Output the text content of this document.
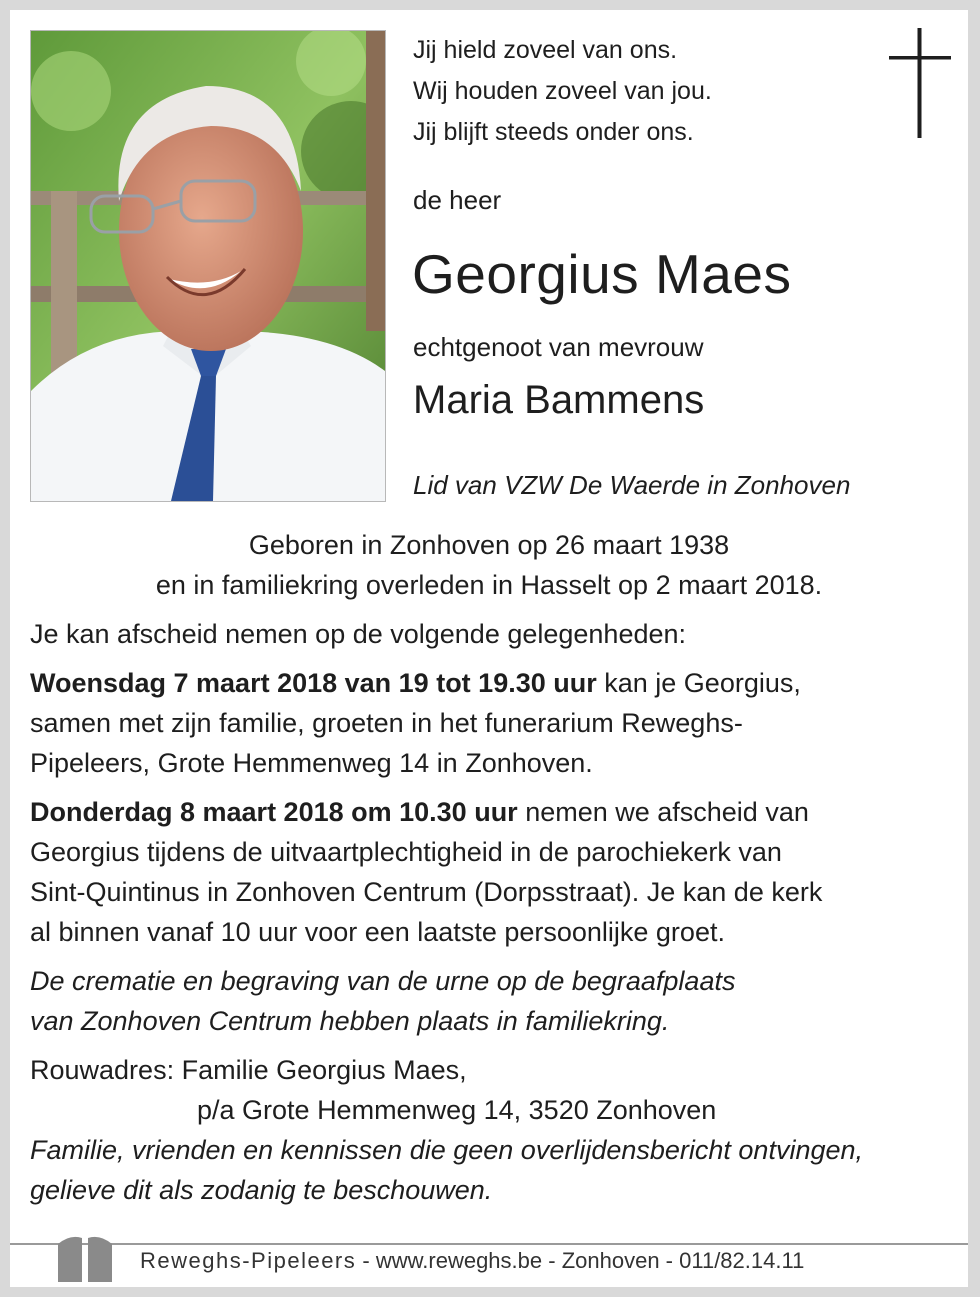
Jij hield zoveel van ons.
Wij houden zoveel van jou.
Jij blijft steeds onder ons.
de heer
Georgius Maes
echtgenoot van mevrouw
Maria Bammens
Lid van VZW De Waerde in Zonhoven
Geboren in Zonhoven op 26 maart 1938
en in familiekring overleden in Hasselt op 2 maart 2018.
Je kan afscheid nemen op de volgende gelegenheden:
Woensdag 7 maart 2018 van 19 tot 19.30 uur kan je Georgius,
samen met zijn familie, groeten in het funerarium Reweghs-
Pipeleers, Grote Hemmenweg 14 in Zonhoven.
Donderdag 8 maart 2018 om 10.30 uur nemen we afscheid van
Georgius tijdens de uitvaartplechtigheid in de parochiekerk van
Sint-Quintinus in Zonhoven Centrum (Dorpsstraat). Je kan de kerk
al binnen vanaf 10 uur voor een laatste persoonlijke groet.
De crematie en begraving van de urne op de begraafplaats
van Zonhoven Centrum hebben plaats in familiekring.
Rouwadres: Familie Georgius Maes,
p/a Grote Hemmenweg 14, 3520 Zonhoven
Familie, vrienden en kennissen die geen overlijdensbericht ontvingen,
gelieve dit als zodanig te beschouwen.
Reweghs-Pipeleers - www.reweghs.be - Zonhoven - 011/82.14.11
